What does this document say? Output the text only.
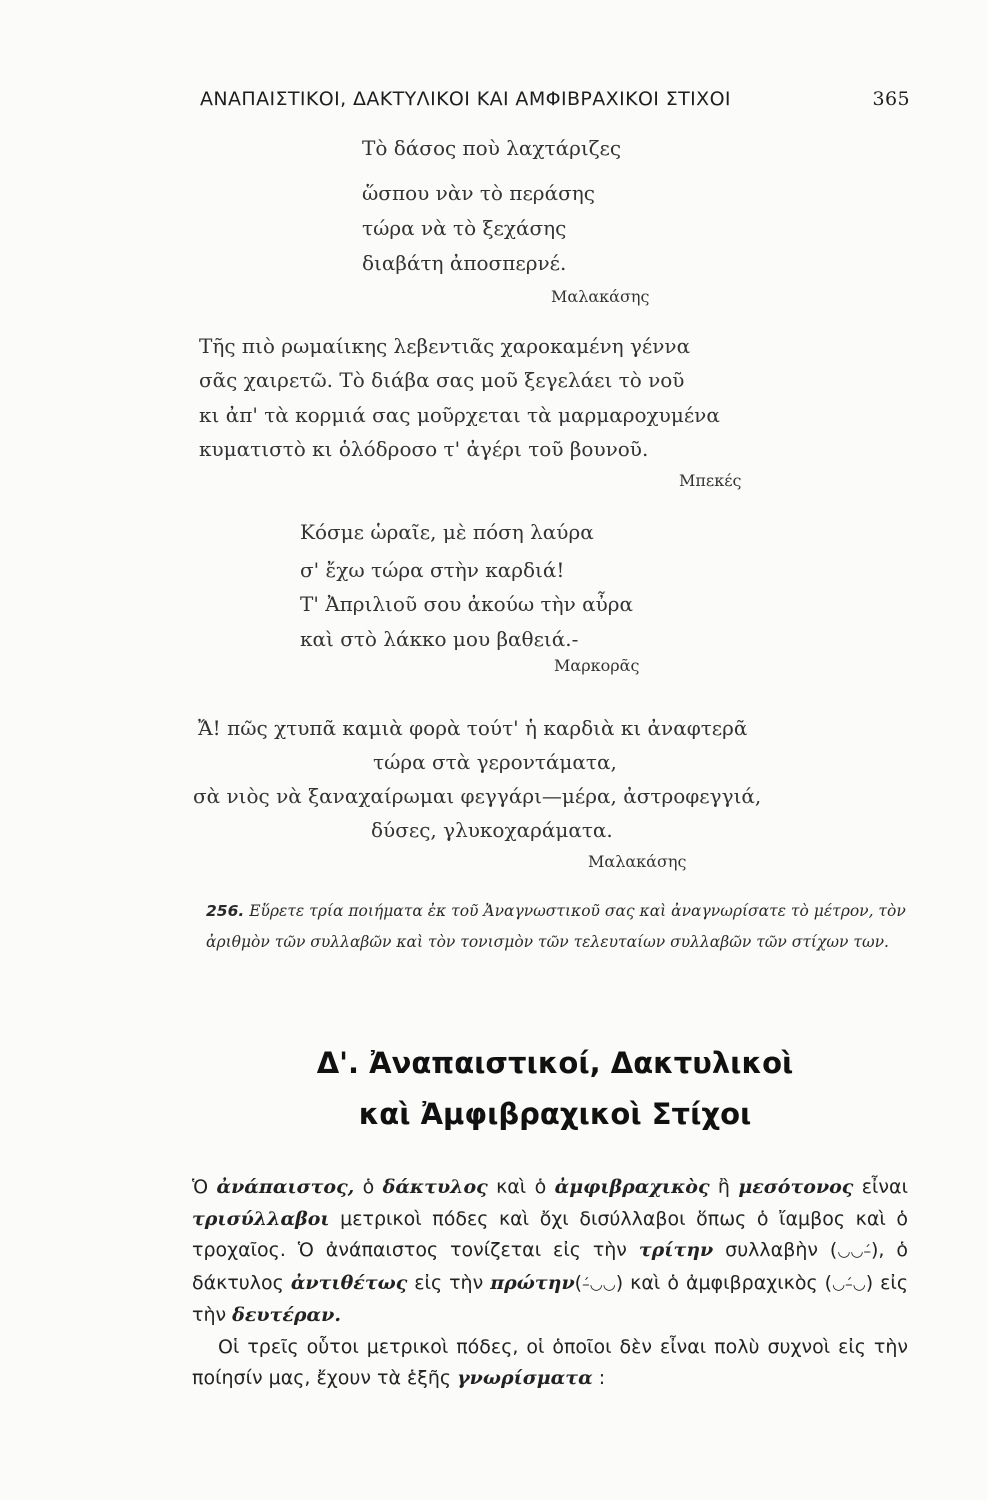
ΑΝΑΠΑΙΣΤΙΚΟΙ, ΔΑΚΤΥΛΙΚΟΙ ΚΑΙ ΑΜΦΙΒΡΑΧΙΚΟΙ ΣΤΙΧΟΙ	365
Τὸ δάσος ποὺ λαχτάριζες
ὥσπου νὰν τὸ περάσης
τώρα νὰ τὸ ξεχάσης
διαβάτη ἀποσπερνέ.
Μαλακάσης
Τῆς πιὸ ρωμαίικης λεβεντιᾶς χαροκαμένη γέννα
σᾶς χαιρετῶ. Τὸ διάβα σας μοῦ ξεγελάει τὸ νοῦ
κι ἀπ' τὰ κορμιά σας μοῦρχεται τὰ μαρμαροχυμένα
κυματιστὸ κι ὁλόδροσο τ' ἀγέρι τοῦ βουνοῦ.
Μπεκές
Κόσμε ὡραῖε, μὲ πόση λαύρα
σ' ἔχω τώρα στὴν καρδιά!
Τ' Ἀπριλιοῦ σου ἀκούω τὴν αὖρα
καὶ στὸ λάκκο μου βαθειά.-
Μαρκορᾶς
Ἄ! πῶς χτυπᾶ καμιὰ φορὰ τούτ' ἡ καρδιὰ κι ἀναφτερᾶ
τώρα στὰ γεροντάματα,
σὰ νιὸς νὰ ξαναχαίρωμαι φεγγάρι—μέρα, ἀστροφεγγιά,
δύσες, γλυκοχαράματα.
Μαλακάσης
256. Εὕρετε τρία ποιήματα ἐκ τοῦ Ἀναγνωστικοῦ σας καὶ ἀναγνωρίσατε τὸ μέτρον, τὸν ἀριθμὸν τῶν συλλαβῶν καὶ τὸν τονισμὸν τῶν τελευταίων συλλαβῶν τῶν στίχων των.
Δ'. Ἀναπαιστικοί, Δακτυλικοὶ
καὶ Ἀμφιβραχικοὶ Στίχοι

Ὁ ἀνάπαιστος, ὁ δάκτυλος καὶ ὁ ἀμφιβραχικὸς ἢ μεσότονος εἶναι τρισύλλαβοι μετρικοὶ πόδες καὶ ὄχι δισύλλαβοι ὅπως ὁ ἴαμβος καὶ ὁ τροχαῖος. Ὁ ἀνάπαιστος τονίζεται εἰς τὴν τρίτην συλλαβὴν (◡◡–́), ὁ δάκτυλος ἀντιθέτως εἰς τὴν πρώτην(–́◡◡) καὶ ὁ ἀμφιβραχικὸς (◡–́◡) εἰς τὴν δευτέραν.

Οἱ τρεῖς οὗτοι μετρικοὶ πόδες, οἱ ὁποῖοι δὲν εἶναι πολὺ συχνοὶ εἰς τὴν ποίησίν μας, ἔχουν τὰ ἑξῆς γνωρίσματα :
